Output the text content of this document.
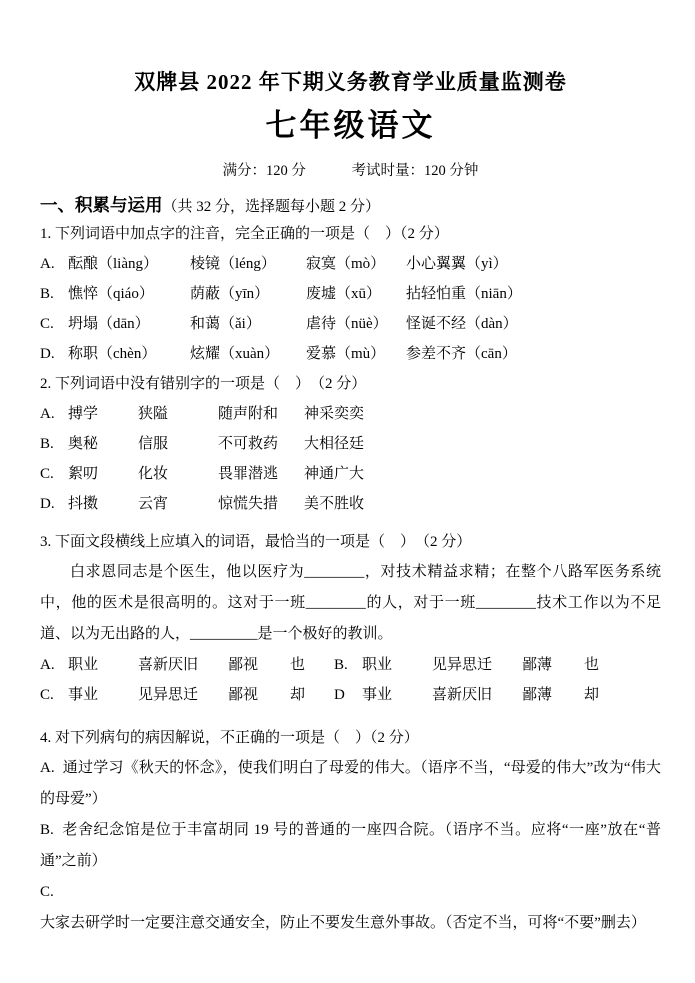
双牌县 2022 年下期义务教育学业质量监测卷
七年级语文
满分：120 分	考试时量：120 分钟
一、积累与运用（共 32 分，选择题每小题 2 分）

1. 下列词语中加点字的注音，完全正确的一项是（　）（2 分）

A. 酝酿（liàng）	棱镜（léng）	寂寞（mò）	小心翼翼（yì）
B. 憔悴（qiáo）	荫蔽（yīn）	废墟（xū）	拈轻怕重（niān）
C. 坍塌（dān）	和蔼（ǎi）	虐待（nüè）	怪诞不经（dàn）
D. 称职（chèn）	炫耀（xuàn）	爱慕（mù）	参差不齐（cān）

2. 下列词语中没有错别字的一项是（　）　（2 分）

A. 搏学	狭隘	随声附和	神采奕奕
B. 奥秘	信服	不可救药	大相径廷
C. 絮叨	化妆	畏罪潜逃	神通广大
D. 抖擞	云宵	惊慌失措	美不胜收

3. 下面文段横线上应填入的词语，最恰当的一项是（　）　（2 分）

白求恩同志是个医生，他以医疗为________，对技术精益求精；在整个八路军医务系统中，他的医术是很高明的。这对于一班________的人，对于一班________技术工作以为不足道、以为无出路的人，_________是一个极好的教训。

A. 职业	喜新厌旧	鄙视	也 B. 职业	见异思迁	鄙薄	也
C. 事业	见异思迁	鄙视	却 D	事业	喜新厌旧	鄙薄	却

4. 对下列病句的病因解说，不正确的一项是（　）（2 分）

A. 通过学习《秋天的怀念》，使我们明白了母爱的伟大。（语序不当，“母爱的伟大”改为“伟大的母爱”）

B. 老舍纪念馆是位于丰富胡同 19 号的普通的一座四合院。（语序不当。应将“一座”放在“普通”之前）

C.大家去研学时一定要注意交通安全，防止不要发生意外事故。（否定不当，可将“不要”删去）
